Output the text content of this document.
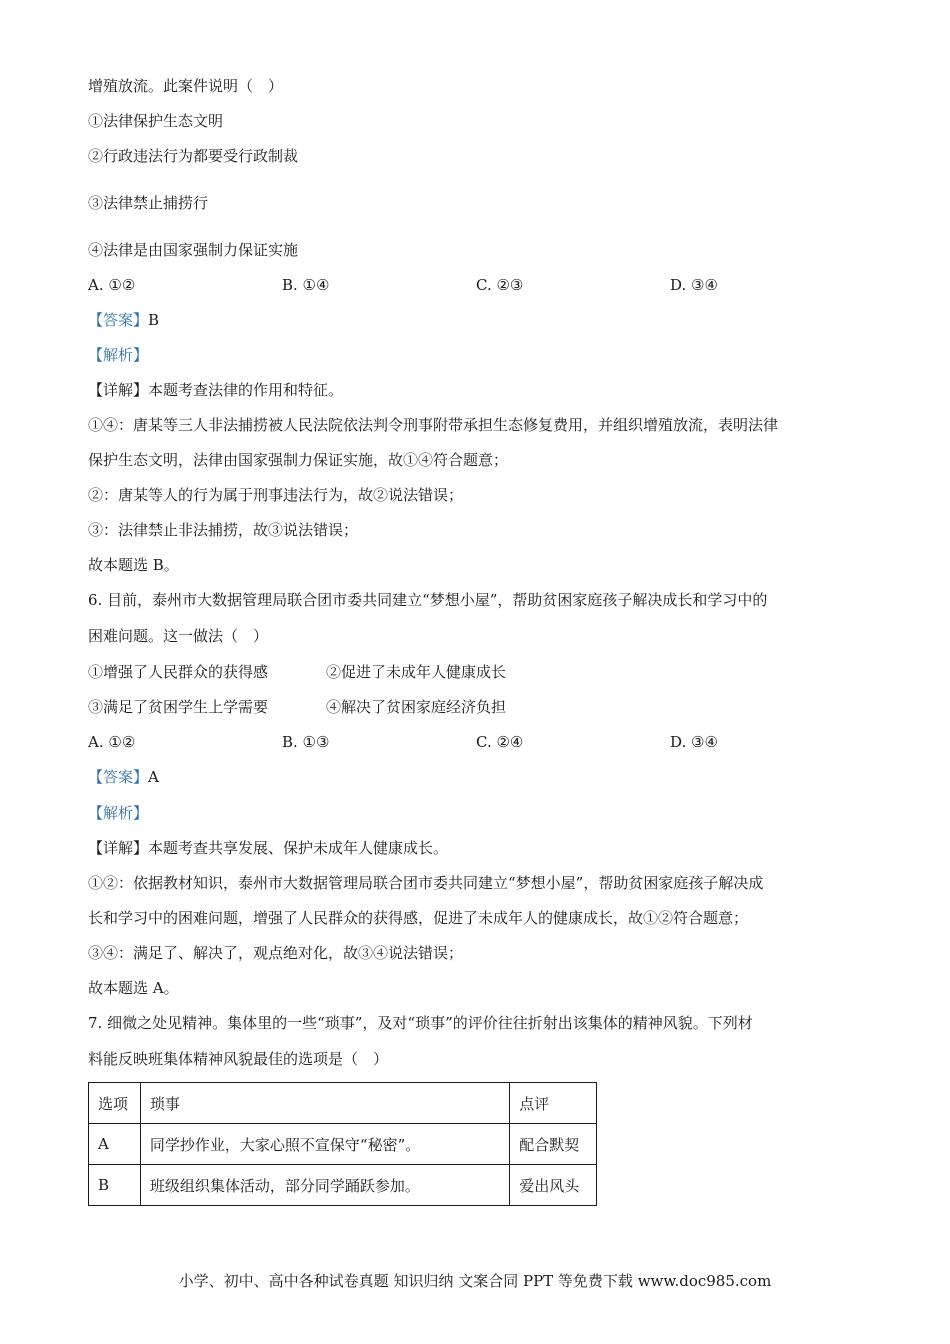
增殖放流。此案件说明（　）
①法律保护生态文明
②行政违法行为都要受行政制裁
③法律禁止捕捞行
④法律是由国家强制力保证实施
A. ①②	B. ①④	C. ②③	D. ③④
【答案】B
【解析】
【详解】本题考查法律的作用和特征。
①④：唐某等三人非法捕捞被人民法院依法判令刑事附带承担生态修复费用，并组织增殖放流，表明法律
保护生态文明，法律由国家强制力保证实施，故①④符合题意；
②：唐某等人的行为属于刑事违法行为，故②说法错误；
③：法律禁止非法捕捞，故③说法错误；
故本题选 B。
6. 目前，泰州市大数据管理局联合团市委共同建立“梦想小屋”，帮助贫困家庭孩子解决成长和学习中的
困难问题。这一做法（　）
①增强了人民群众的获得感	②促进了未成年人健康成长
③满足了贫困学生上学需要	④解决了贫困家庭经济负担
A. ①②	B. ①③	C. ②④	D. ③④
【答案】A
【解析】
【详解】本题考查共享发展、保护未成年人健康成长。
①②：依据教材知识，泰州市大数据管理局联合团市委共同建立“梦想小屋”，帮助贫困家庭孩子解决成
长和学习中的困难问题，增强了人民群众的获得感，促进了未成年人的健康成长，故①②符合题意；
③④：满足了、解决了，观点绝对化，故③④说法错误；
故本题选 A。
7. 细微之处见精神。集体里的一些“琐事”，及对“琐事”的评价往往折射出该集体的精神风貌。下列材
料能反映班集体精神风貌最佳的选项是（　）
选项	琐事	点评
A	同学抄作业，大家心照不宣保守“秘密”。	配合默契
B	班级组织集体活动，部分同学踊跃参加。	爱出风头
小学、初中、高中各种试卷真题 知识归纳 文案合同 PPT 等免费下载 www.doc985.com
